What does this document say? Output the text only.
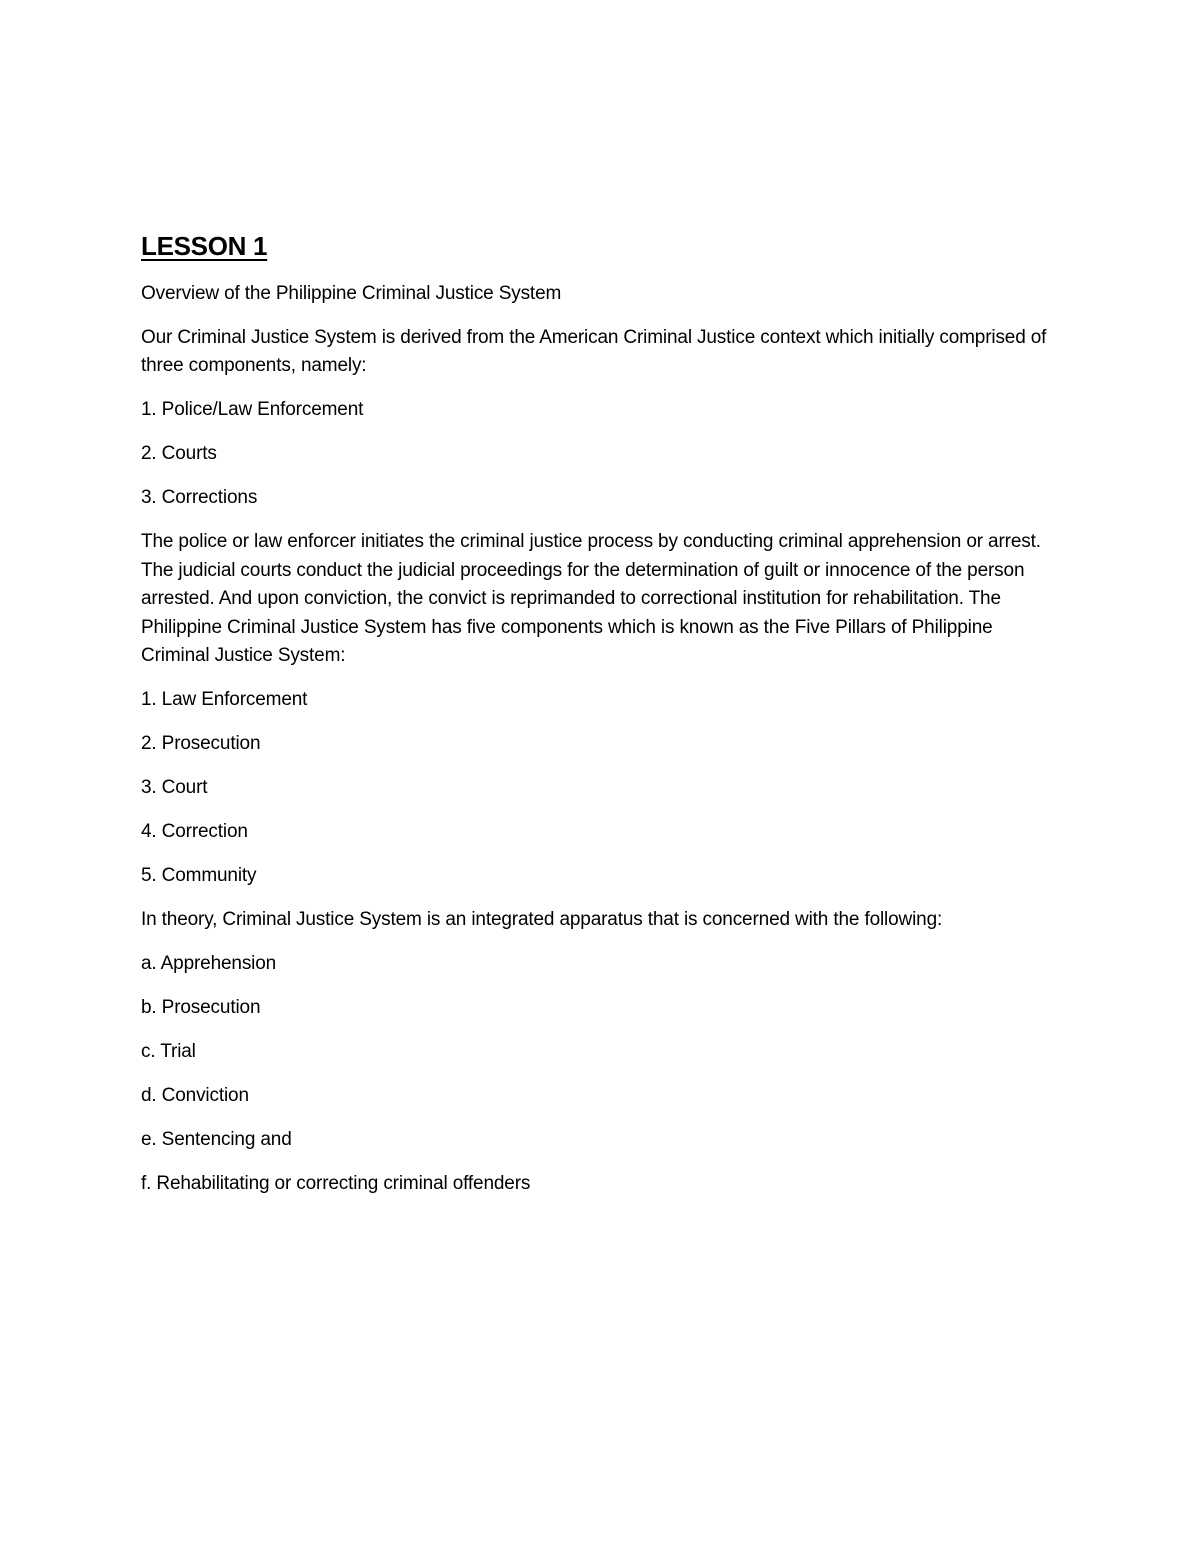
LESSON 1

Overview of the Philippine Criminal Justice System

Our Criminal Justice System is derived from the American Criminal Justice context which initially comprised of three components, namely:

1. Police/Law Enforcement

2. Courts

3. Corrections

The police or law enforcer initiates the criminal justice process by conducting criminal apprehension or arrest. The judicial courts conduct the judicial proceedings for the determination of guilt or innocence of the person arrested. And upon conviction, the convict is reprimanded to correctional institution for rehabilitation. The Philippine Criminal Justice System has five components which is known as the Five Pillars of Philippine Criminal Justice System:

1. Law Enforcement

2. Prosecution

3. Court

4. Correction

5. Community

In theory, Criminal Justice System is an integrated apparatus that is concerned with the following:

a. Apprehension

b. Prosecution

c. Trial

d. Conviction

e. Sentencing and

f. Rehabilitating or correcting criminal offenders
